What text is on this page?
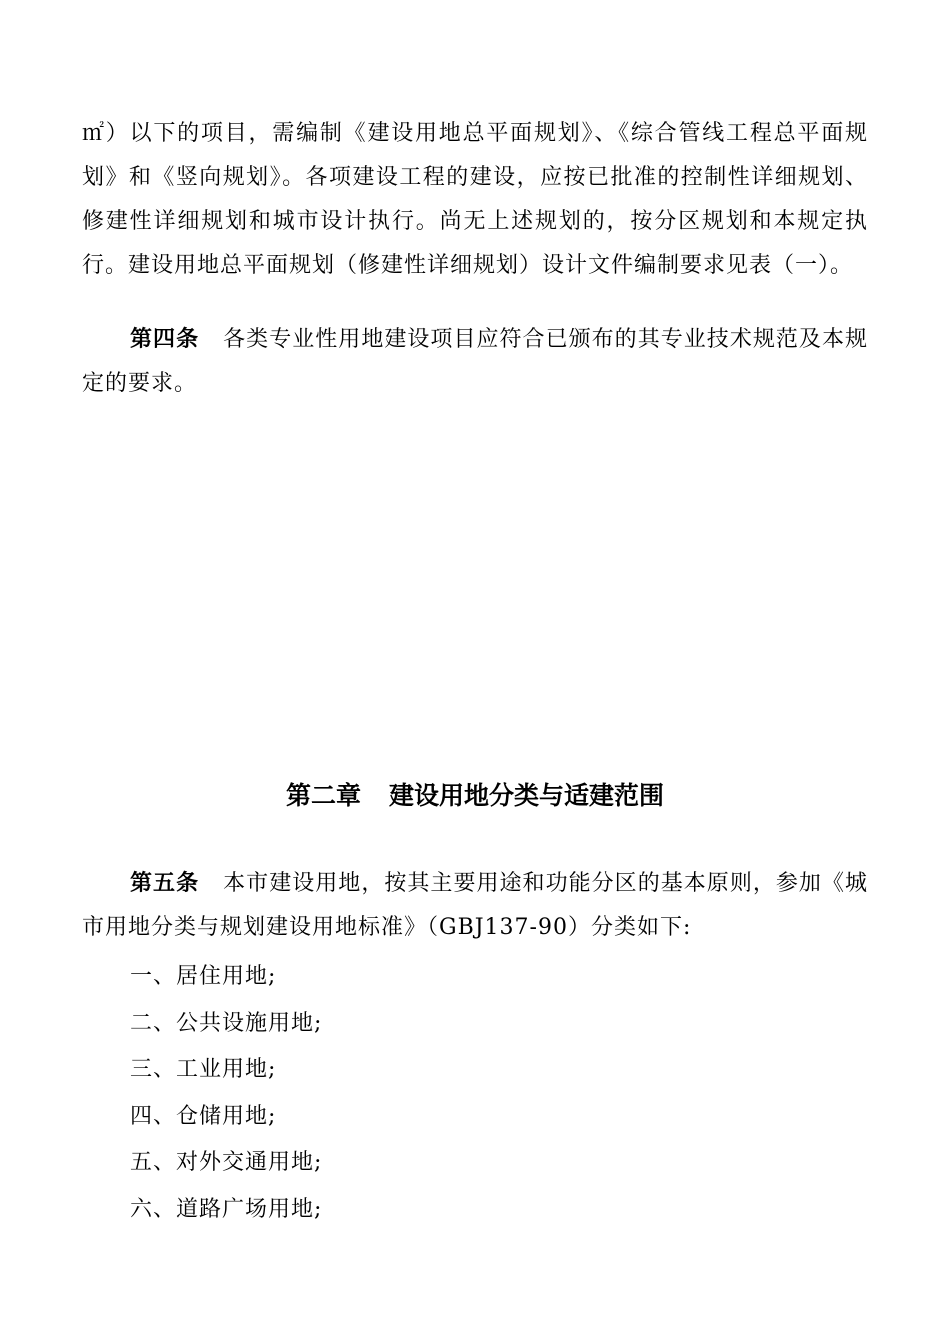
㎡）以下的项目，需编制《建设用地总平面规划》、《综合管线工程总平面规划》和《竖向规划》。各项建设工程的建设，应按已批准的控制性详细规划、修建性详细规划和城市设计执行。尚无上述规划的，按分区规划和本规定执行。建设用地总平面规划（修建性详细规划）设计文件编制要求见表（一）。

第四条 各类专业性用地建设项目应符合已颁布的其专业技术规范及本规定的要求。

第二章 建设用地分类与适建范围

第五条 本市建设用地，按其主要用途和功能分区的基本原则，参加《城市用地分类与规划建设用地标准》（GBJ137-90）分类如下:

一、居住用地;
二、公共设施用地;
三、工业用地;
四、仓储用地;
五、对外交通用地;
六、道路广场用地;
